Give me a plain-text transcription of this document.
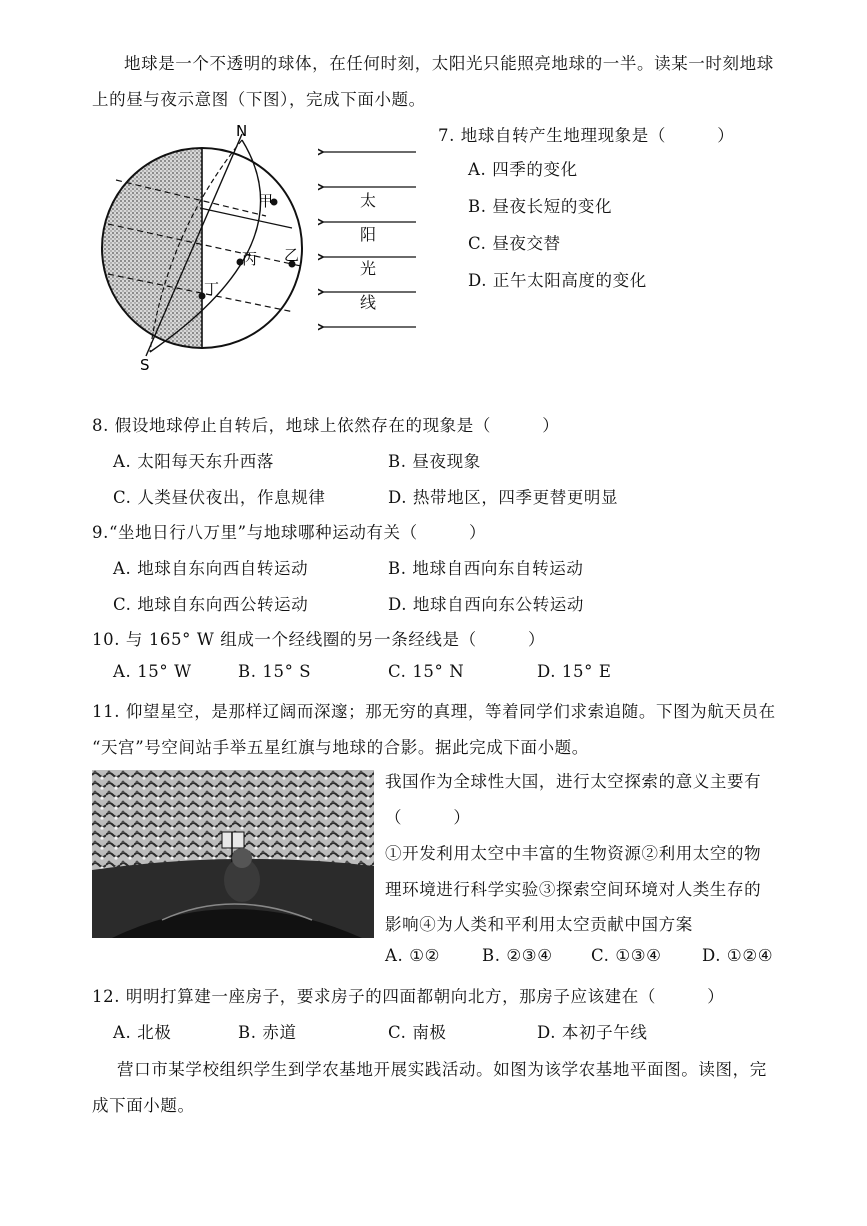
地球是一个不透明的球体，在任何时刻，太阳光只能照亮地球的一半。读某一时刻地球
上的昼与夜示意图（下图），完成下面小题。
N
S
甲
乙
丙
丁
太
阳
光
线
7. 地球自转产生地理现象是（　　　）
A. 四季的变化
B. 昼夜长短的变化
C. 昼夜交替
D. 正午太阳高度的变化
8. 假设地球停止自转后，地球上依然存在的现象是（　　　）
A. 太阳每天东升西落	B. 昼夜现象
C. 人类昼伏夜出，作息规律	D. 热带地区，四季更替更明显
9.“坐地日行八万里”与地球哪种运动有关（　　　）
A. 地球自东向西自转运动	B. 地球自西向东自转运动
C. 地球自东向西公转运动	D. 地球自西向东公转运动
10. 与 165° W 组成一个经线圈的另一条经线是（　　　）
A. 15° W	B. 15° S	C. 15° N	D. 15° E
11. 仰望星空，是那样辽阔而深邃；那无穷的真理，等着同学们求索追随。下图为航天员在
“天宫”号空间站手举五星红旗与地球的合影。据此完成下面小题。
我国作为全球性大国，进行太空探索的意义主要有
（　　　）
①开发利用太空中丰富的生物资源②利用太空的物
理环境进行科学实验③探索空间环境对人类生存的
影响④为人类和平利用太空贡献中国方案
A. ①②	B. ②③④ C. ①③④ D. ①②④
12. 明明打算建一座房子，要求房子的四面都朝向北方，那房子应该建在（　　　）
A. 北极	B. 赤道	C. 南极	D. 本初子午线
营口市某学校组织学生到学农基地开展实践活动。如图为该学农基地平面图。读图，完
成下面小题。
